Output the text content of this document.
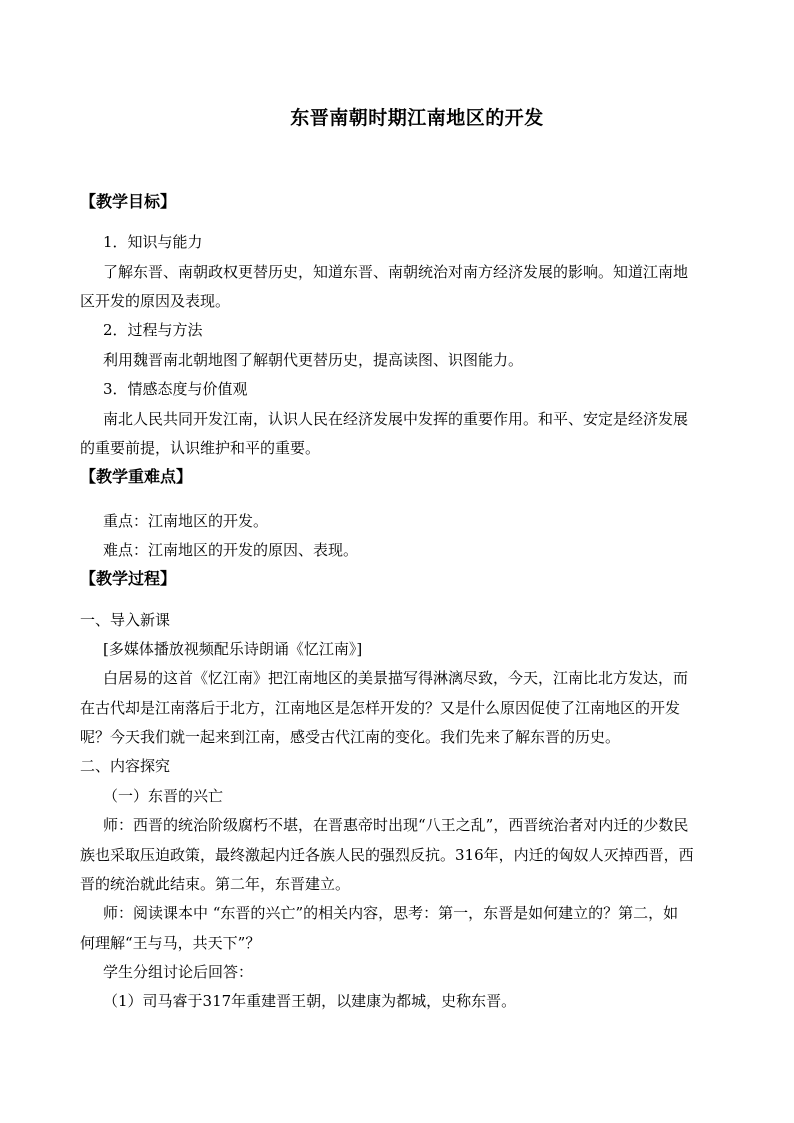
东晋南朝时期江南地区的开发
【教学目标】
1．知识与能力
了解东晋、南朝政权更替历史，知道东晋、南朝统治对南方经济发展的影响。知道江南地
区开发的原因及表现。
2．过程与方法
利用魏晋南北朝地图了解朝代更替历史，提高读图、识图能力。
3．情感态度与价值观
南北人民共同开发江南，认识人民在经济发展中发挥的重要作用。和平、安定是经济发展
的重要前提，认识维护和平的重要。
【教学重难点】
重点：江南地区的开发。
难点：江南地区的开发的原因、表现。
【教学过程】
一、导入新课
[多媒体播放视频配乐诗朗诵《忆江南》]
白居易的这首《忆江南》把江南地区的美景描写得淋漓尽致，今天，江南比北方发达，而
在古代却是江南落后于北方，江南地区是怎样开发的？又是什么原因促使了江南地区的开发
呢？今天我们就一起来到江南，感受古代江南的变化。我们先来了解东晋的历史。
二、内容探究
（一）东晋的兴亡
师：西晋的统治阶级腐朽不堪，在晋惠帝时出现“八王之乱”，西晋统治者对内迁的少数民
族也采取压迫政策，最终激起内迁各族人民的强烈反抗。316年，内迁的匈奴人灭掉西晋，西
晋的统治就此结束。第二年，东晋建立。
师：阅读课本中 “东晋的兴亡”的相关内容，思考：第一，东晋是如何建立的？第二，如
何理解“王与马，共天下”？
学生分组讨论后回答：
（1）司马睿于317年重建晋王朝，以建康为都城，史称东晋。
